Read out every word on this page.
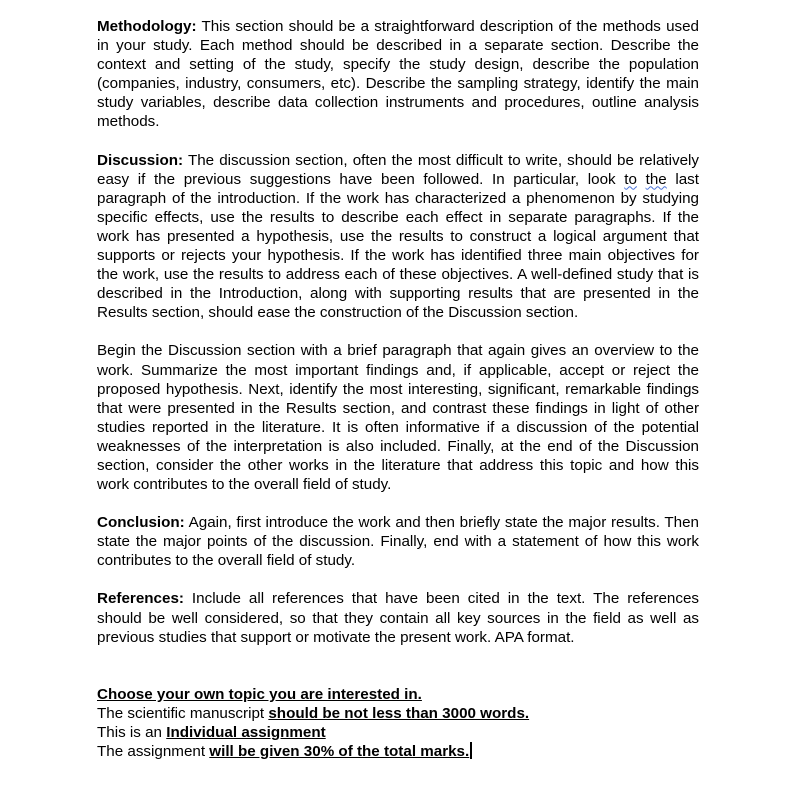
Methodology: This section should be a straightforward description of the methods used in your study. Each method should be described in a separate section. Describe the context and setting of the study, specify the study design, describe the population (companies, industry, consumers, etc). Describe the sampling strategy, identify the main study variables, describe data collection instruments and procedures, outline analysis methods.

Discussion: The discussion section, often the most difficult to write, should be relatively easy if the previous suggestions have been followed. In particular, look to the last paragraph of the introduction. If the work has characterized a phenomenon by studying specific effects, use the results to describe each effect in separate paragraphs. If the work has presented a hypothesis, use the results to construct a logical argument that supports or rejects your hypothesis. If the work has identified three main objectives for the work, use the results to address each of these objectives. A well-defined study that is described in the Introduction, along with supporting results that are presented in the Results section, should ease the construction of the Discussion section.

Begin the Discussion section with a brief paragraph that again gives an overview to the work. Summarize the most important findings and, if applicable, accept or reject the proposed hypothesis. Next, identify the most interesting, significant, remarkable findings that were presented in the Results section, and contrast these findings in light of other studies reported in the literature. It is often informative if a discussion of the potential weaknesses of the interpretation is also included. Finally, at the end of the Discussion section, consider the other works in the literature that address this topic and how this work contributes to the overall field of study.

Conclusion: Again, first introduce the work and then briefly state the major results. Then state the major points of the discussion. Finally, end with a statement of how this work contributes to the overall field of study.

References: Include all references that have been cited in the text. The references should be well considered, so that they contain all key sources in the field as well as previous studies that support or motivate the present work. APA format.

Choose your own topic you are interested in.

The scientific manuscript should be not less than 3000 words.

This is an Individual assignment

The assignment will be given 30% of the total marks.
